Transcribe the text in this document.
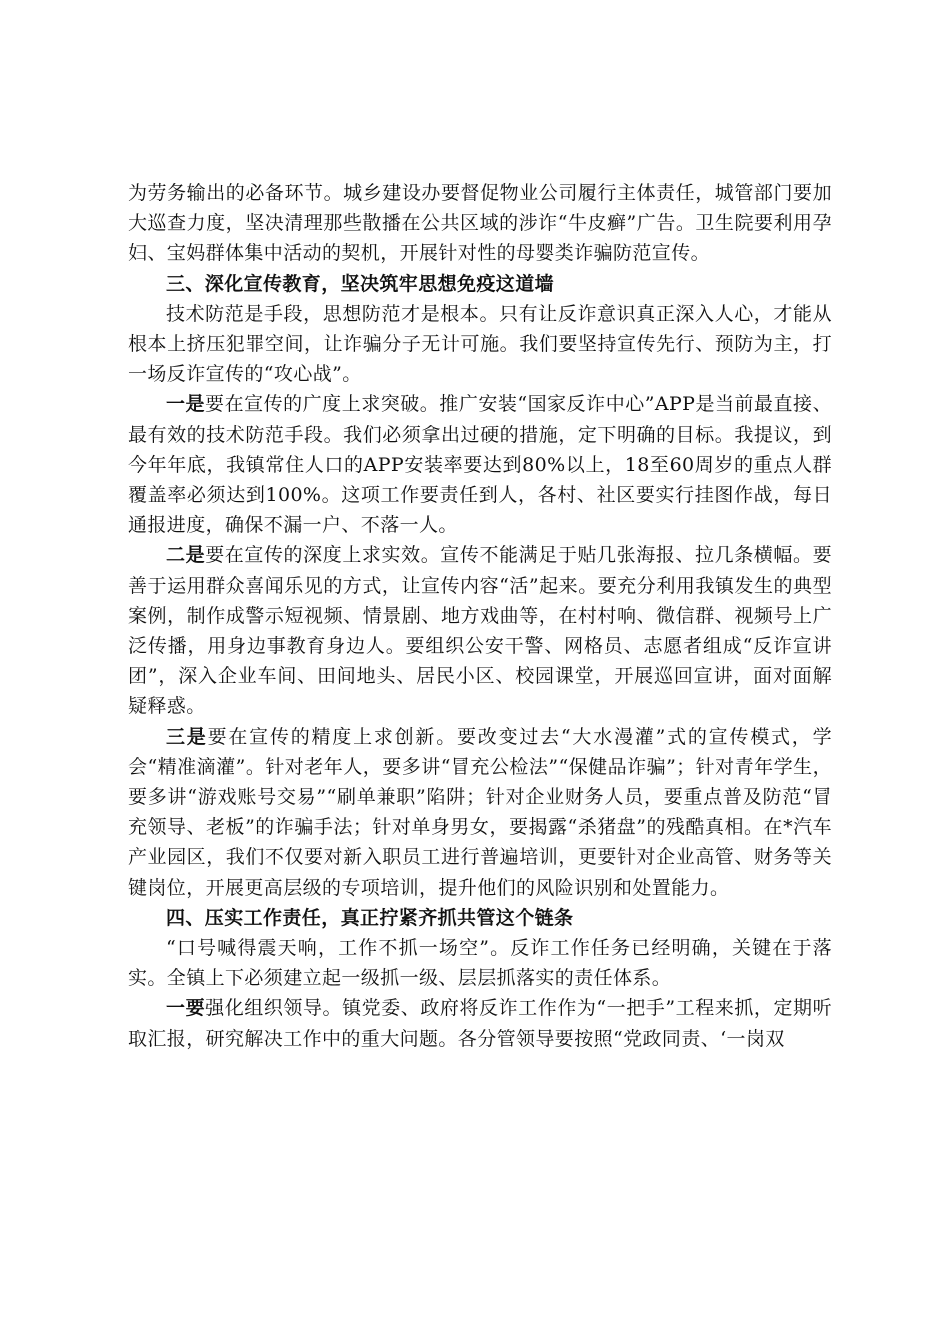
为劳务输出的必备环节。城乡建设办要督促物业公司履行主体责任，城管部门要加大巡查力度，坚决清理那些散播在公共区域的涉诈“牛皮癣”广告。卫生院要利用孕妇、宝妈群体集中活动的契机，开展针对性的母婴类诈骗防范宣传。

三、深化宣传教育，坚决筑牢思想免疫这道墙

技术防范是手段，思想防范才是根本。只有让反诈意识真正深入人心，才能从根本上挤压犯罪空间，让诈骗分子无计可施。我们要坚持宣传先行、预防为主，打一场反诈宣传的“攻心战”。

一是要在宣传的广度上求突破。推广安装“国家反诈中心”APP是当前最直接、最有效的技术防范手段。我们必须拿出过硬的措施，定下明确的目标。我提议，到今年年底，我镇常住人口的APP安装率要达到80%以上，18至60周岁的重点人群覆盖率必须达到100%。这项工作要责任到人，各村、社区要实行挂图作战，每日通报进度，确保不漏一户、不落一人。

二是要在宣传的深度上求实效。宣传不能满足于贴几张海报、拉几条横幅。要善于运用群众喜闻乐见的方式，让宣传内容“活”起来。要充分利用我镇发生的典型案例，制作成警示短视频、情景剧、地方戏曲等，在村村响、微信群、视频号上广泛传播，用身边事教育身边人。要组织公安干警、网格员、志愿者组成“反诈宣讲团”，深入企业车间、田间地头、居民小区、校园课堂，开展巡回宣讲，面对面解疑释惑。

三是要在宣传的精度上求创新。要改变过去“大水漫灌”式的宣传模式，学会“精准滴灌”。针对老年人，要多讲“冒充公检法”“保健品诈骗”；针对青年学生，要多讲“游戏账号交易”“刷单兼职”陷阱；针对企业财务人员，要重点普及防范“冒充领导、老板”的诈骗手法；针对单身男女，要揭露“杀猪盘”的残酷真相。在*汽车产业园区，我们不仅要对新入职员工进行普遍培训，更要针对企业高管、财务等关键岗位，开展更高层级的专项培训，提升他们的风险识别和处置能力。

四、压实工作责任，真正拧紧齐抓共管这个链条

“口号喊得震天响，工作不抓一场空”。反诈工作任务已经明确，关键在于落实。全镇上下必须建立起一级抓一级、层层抓落实的责任体系。

一要强化组织领导。镇党委、政府将反诈工作作为“一把手”工程来抓，定期听取汇报，研究解决工作中的重大问题。各分管领导要按照“党政同责、‘一岗双
